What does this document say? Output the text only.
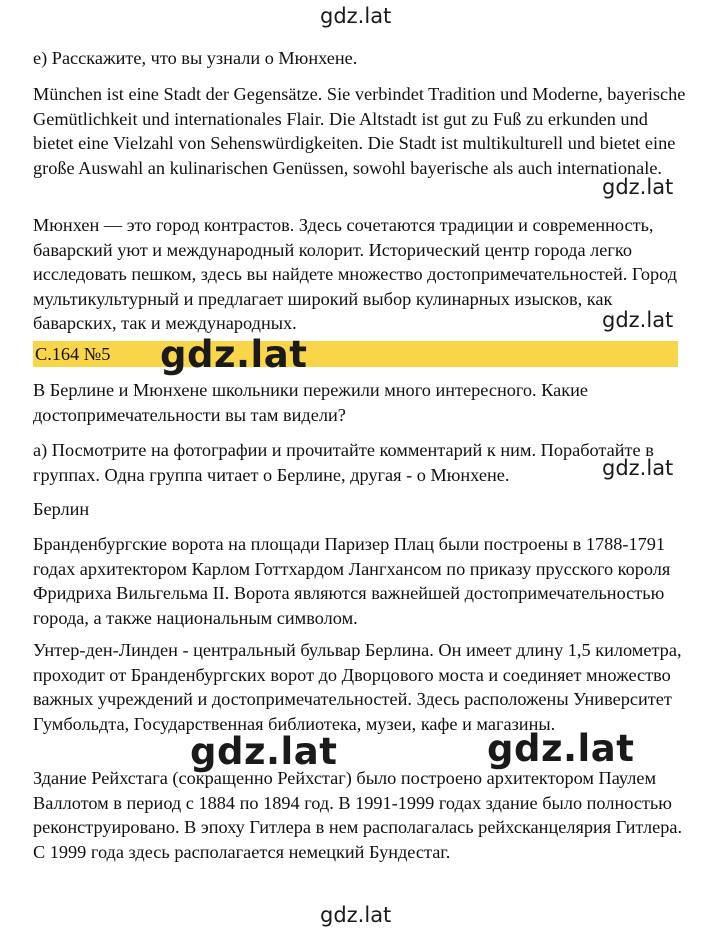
gdz.lat
gdz.lat
gdz.lat
gdz.lat
gdz.lat

е) Расскажите, что вы узнали о Мюнхене.

München ist eine Stadt der Gegensätze. Sie verbindet Tradition und Moderne, bayerische Gemütlichkeit und internationales Flair. Die Altstadt ist gut zu Fuß zu erkunden und bietet eine Vielzahl von Sehenswürdigkeiten. Die Stadt ist multikulturell und bietet eine große Auswahl an kulinarischen Genüssen, sowohl bayerische als auch internationale.

Мюнхен — это город контрастов. Здесь сочетаются традиции и современность, баварский уют и международный колорит. Исторический центр города легко исследовать пешком, здесь вы найдете множество достопримечательностей. Город мультикультурный и предлагает широкий выбор кулинарных изысков, как баварских, так и международных.

С.164 №5 gdz.lat

В Берлине и Мюнхене школьники пережили много интересного. Какие достопримечательности вы там видели?

а) Посмотрите на фотографии и прочитайте комментарий к ним. Поработайте в группах. Одна группа читает о Берлине, другая - о Мюнхене.

Берлин

Бранденбургские ворота на площади Паризер Плац были построены в 1788-1791 годах архитектором Карлом Готтхардом Лангхансом по приказу прусского короля Фридриха Вильгельма II. Ворота являются важнейшей достопримечательностью города, а также национальным символом.

Унтер-ден-Линден - центральный бульвар Берлина. Он имеет длину 1,5 километра, проходит от Бранденбургских ворот до Дворцового моста и соединяет множество важных учреждений и достопримечательностей. Здесь расположены Университет Гумбольдта, Государственная библиотека, музеи, кафе и магазины.

gdz.lat	gdz.lat

Здание Рейхстага (сокращенно Рейхстаг) было построено архитектором Паулем Валлотом в период с 1884 по 1894 год. В 1991-1999 годах здание было полностью реконструировано. В эпоху Гитлера в нем располагалась рейхсканцелярия Гитлера. С 1999 года здесь располагается немецкий Бундестаг.
